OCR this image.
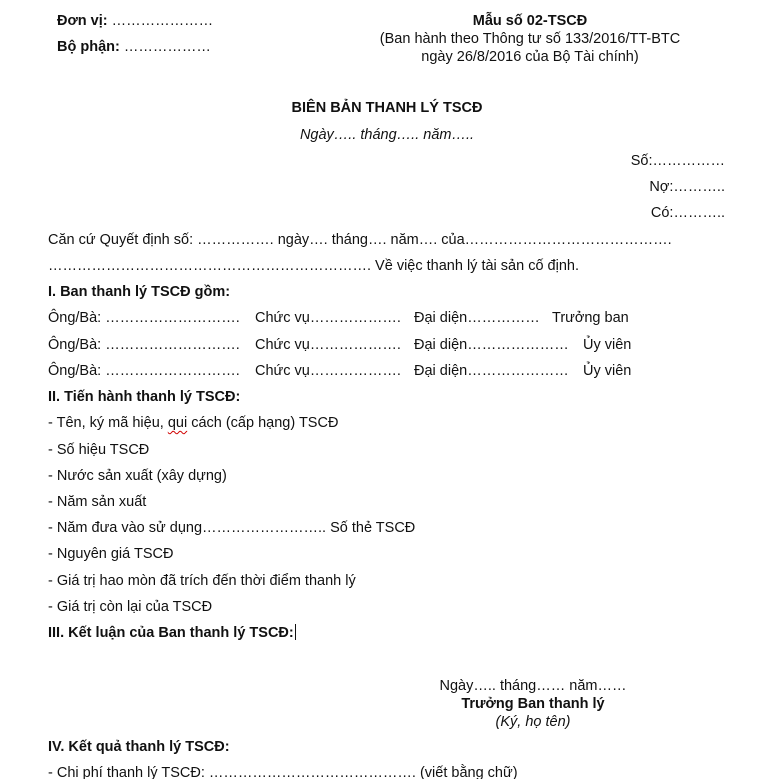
Đơn vị: …………………
Bộ phận: ………………
Mẫu số 02-TSCĐ
(Ban hành theo Thông tư số 133/2016/TT-BTC
ngày 26/8/2016 của Bộ Tài chính)
BIÊN BẢN THANH LÝ TSCĐ
Ngày….. tháng….. năm…..
Số:……………
Nợ:………..
Có:………..
Căn cứ Quyết định số: ……………. ngày…. tháng…. năm…. của…………………………………….
…………………………………………………………. Về việc thanh lý tài sản cố định.
I. Ban thanh lý TSCĐ gồm:
Ông/Bà: ………………………. Chức vụ………………. Đại diện…………… Trưởng ban
Ông/Bà: ………………………. Chức vụ………………. Đại diện………………… Ủy viên
Ông/Bà: ………………………. Chức vụ………………. Đại diện………………… Ủy viên
II. Tiến hành thanh lý TSCĐ:
- Tên, ký mã hiệu, qui cách (cấp hạng) TSCĐ
- Số hiệu TSCĐ
- Nước sản xuất (xây dựng)
- Năm sản xuất
- Năm đưa vào sử dụng…………………….. Số thẻ TSCĐ
- Nguyên giá TSCĐ
- Giá trị hao mòn đã trích đến thời điểm thanh lý
- Giá trị còn lại của TSCĐ
III. Kết luận của Ban thanh lý TSCĐ:
Ngày….. tháng…… năm……
Trưởng Ban thanh lý
(Ký, họ tên)
IV. Kết quả thanh lý TSCĐ:
- Chi phí thanh lý TSCĐ: ……………………………………. (viết bằng chữ)
